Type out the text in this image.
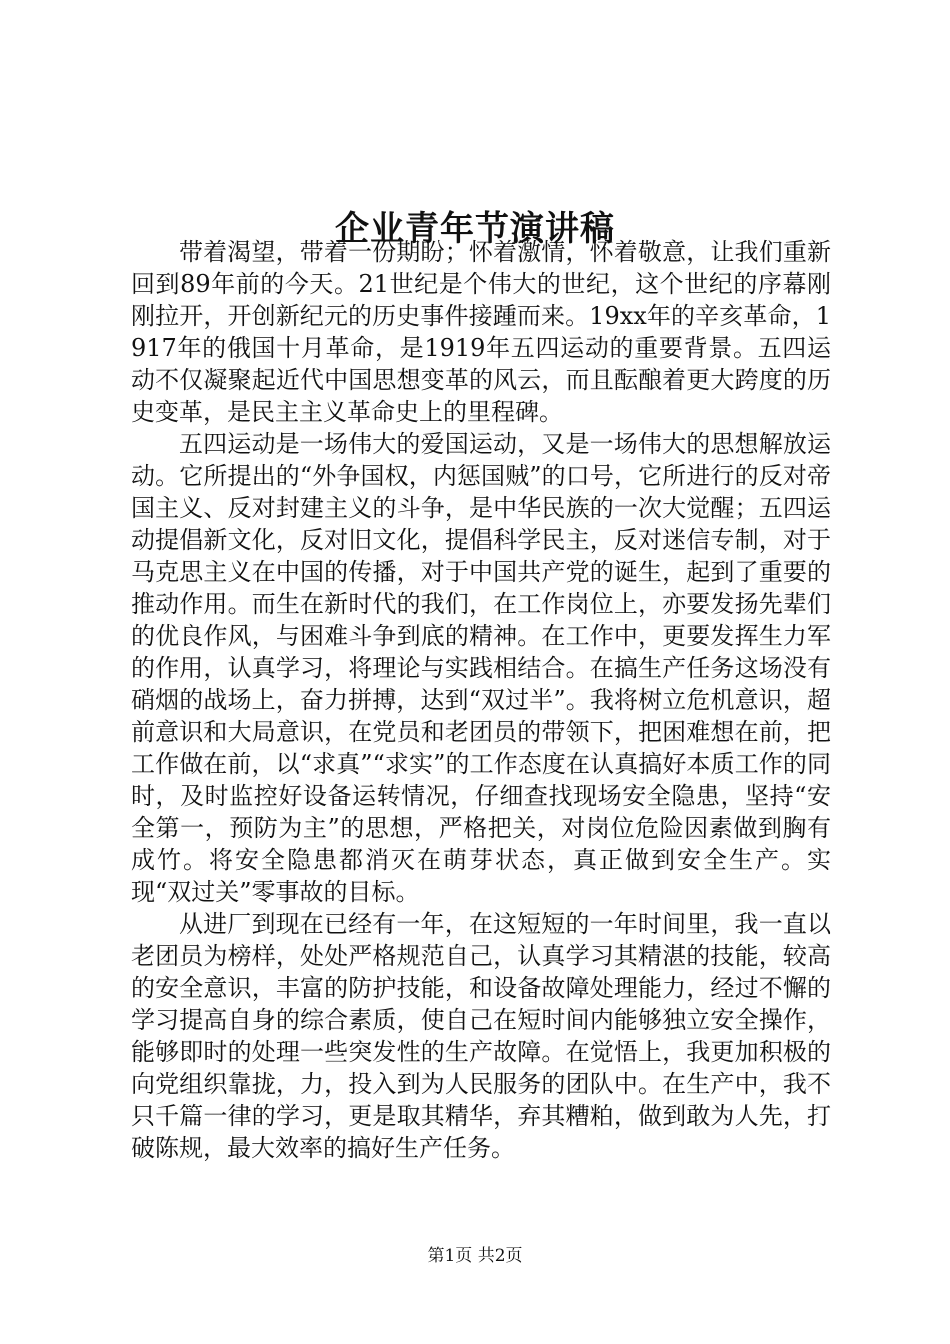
企业青年节演讲稿

带着渴望，带着一份期盼；怀着激情，怀着敬意，让我们重新回到89年前的今天。21世纪是个伟大的世纪，这个世纪的序幕刚刚拉开，开创新纪元的历史事件接踵而来。19xx年的辛亥革命，1917年的俄国十月革命，是1919年五四运动的重要背景。五四运动不仅凝聚起近代中国思想变革的风云，而且酝酿着更大跨度的历史变革，是民主主义革命史上的里程碑。

五四运动是一场伟大的爱国运动，又是一场伟大的思想解放运动。它所提出的“外争国权，内惩国贼”的口号，它所进行的反对帝国主义、反对封建主义的斗争，是中华民族的一次大觉醒；五四运动提倡新文化，反对旧文化，提倡科学民主，反对迷信专制，对于马克思主义在中国的传播，对于中国共产党的诞生，起到了重要的推动作用。而生在新时代的我们，在工作岗位上，亦要发扬先辈们的优良作风，与困难斗争到底的精神。在工作中，更要发挥生力军的作用，认真学习，将理论与实践相结合。在搞生产任务这场没有硝烟的战场上，奋力拼搏，达到“双过半”。我将树立危机意识，超前意识和大局意识，在党员和老团员的带领下，把困难想在前，把工作做在前，以“求真”“求实”的工作态度在认真搞好本质工作的同时，及时监控好设备运转情况，仔细查找现场安全隐患，坚持“安全第一，预防为主”的思想，严格把关，对岗位危险因素做到胸有成竹。将安全隐患都消灭在萌芽状态，真正做到安全生产。实现“双过关”零事故的目标。

从进厂到现在已经有一年，在这短短的一年时间里，我一直以老团员为榜样，处处严格规范自己，认真学习其精湛的技能，较高的安全意识，丰富的防护技能，和设备故障处理能力，经过不懈的学习提高自身的综合素质，使自己在短时间内能够独立安全操作，能够即时的处理一些突发性的生产故障。在觉悟上，我更加积极的向党组织靠拢，力，投入到为人民服务的团队中。在生产中，我不只千篇一律的学习，更是取其精华，弃其糟粕，做到敢为人先，打破陈规，最大效率的搞好生产任务。

第1页 共2页
